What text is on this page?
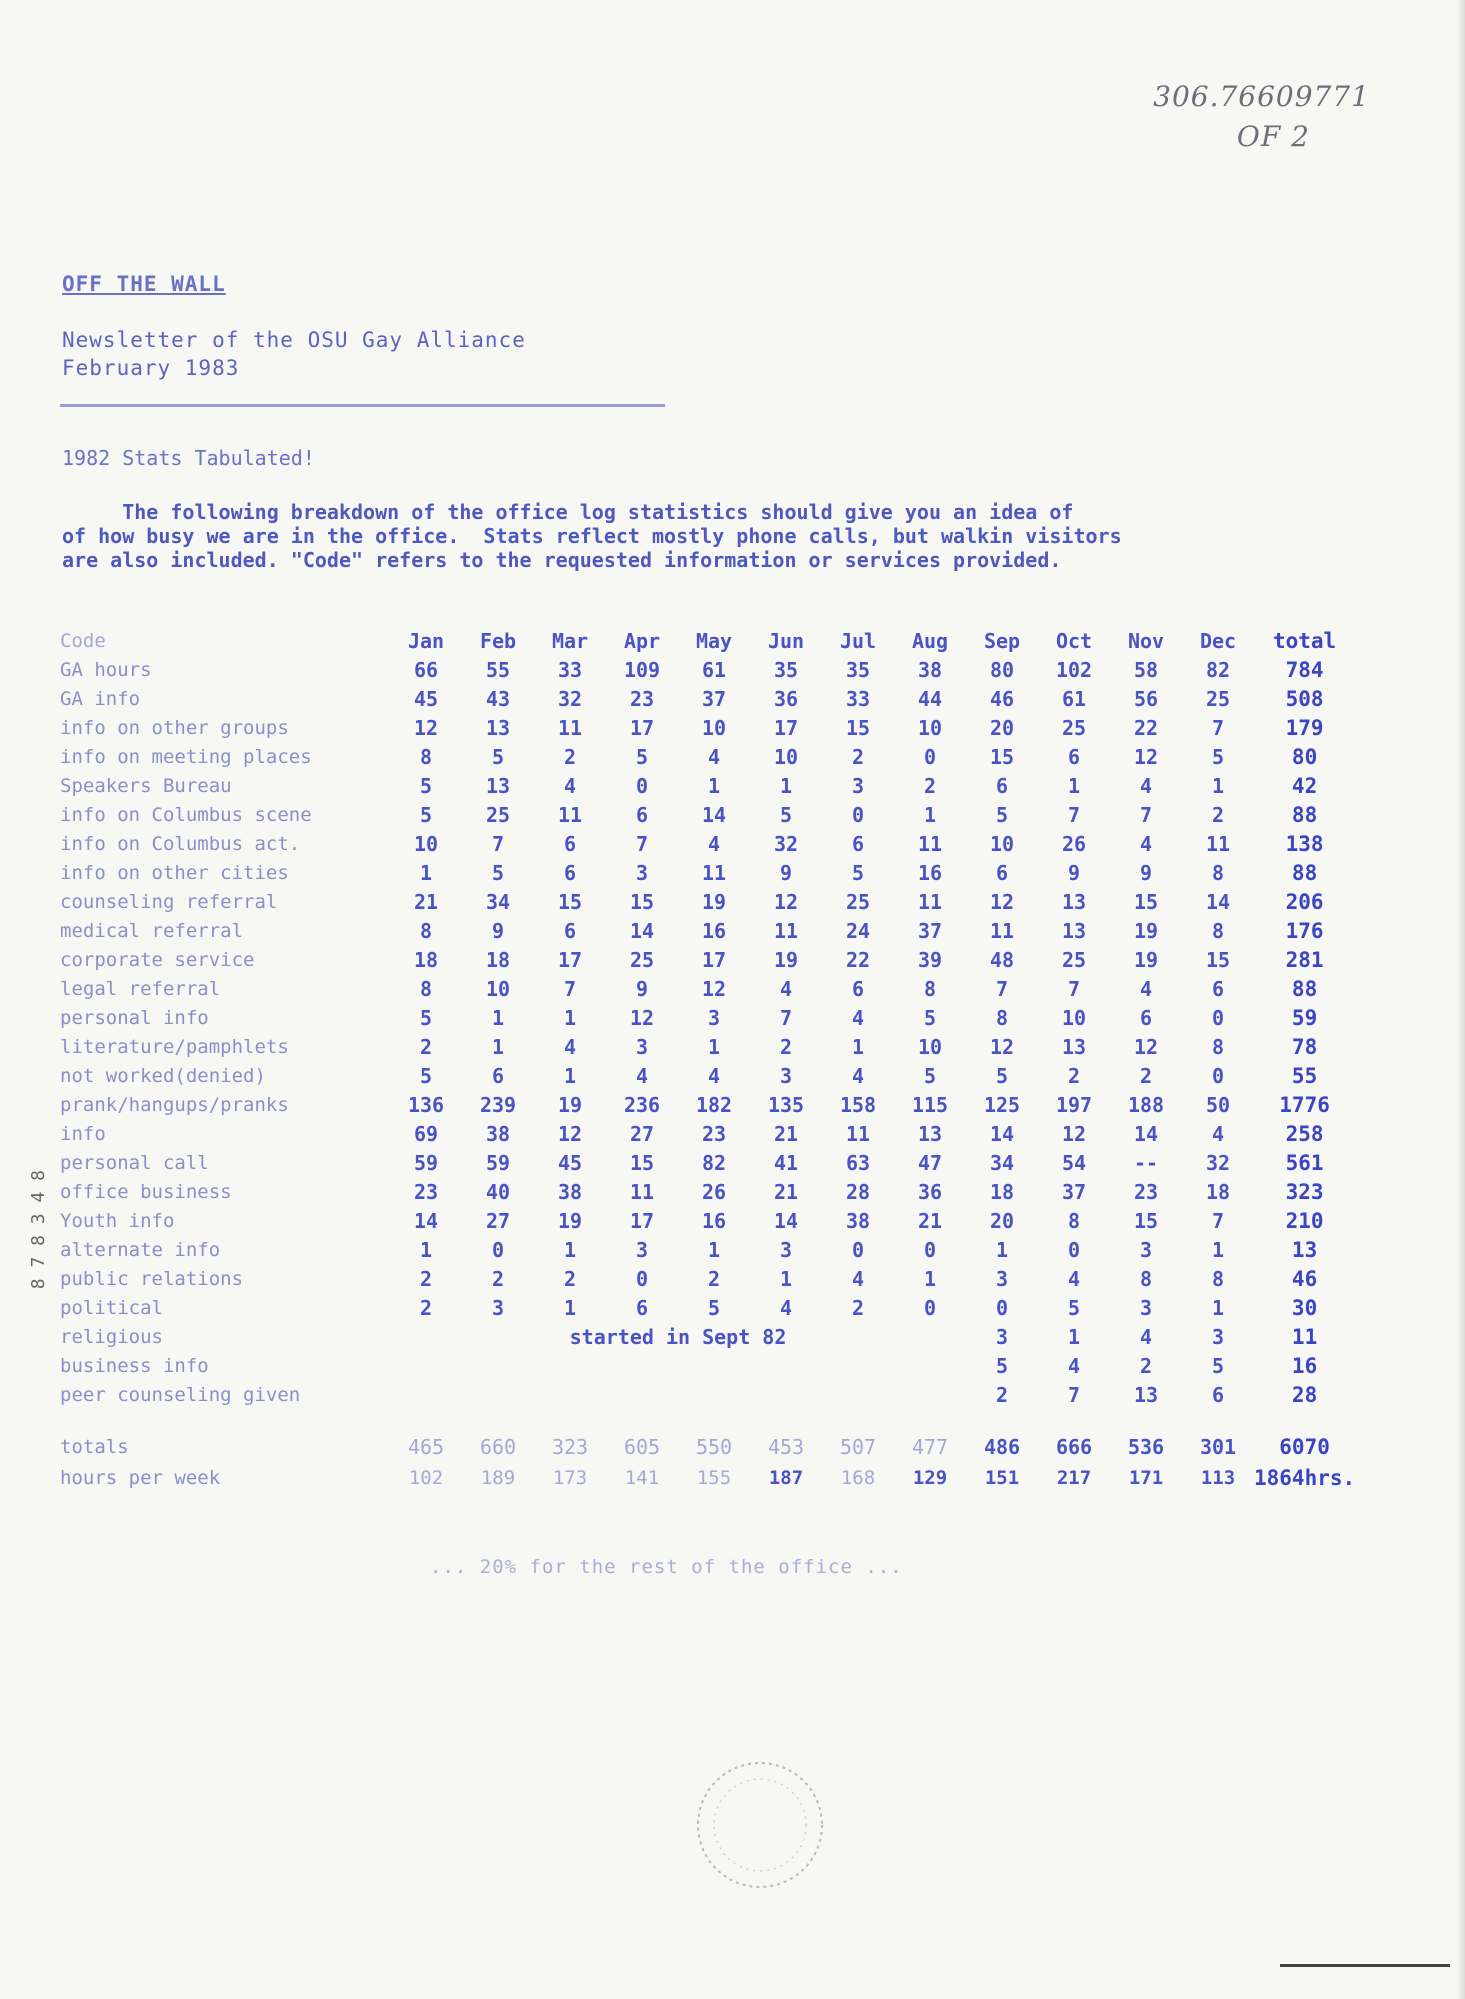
306.76609771
OF 2
OFF THE WALL
Newsletter of the OSU Gay Alliance
February 1983
1982 Stats Tabulated!

The following breakdown of the office log statistics should give you an idea of

of how busy we are in the office.  Stats reflect mostly phone calls, but walkin visitors

are also included. "Code" refers to the requested information or services provided.

Code	Jan	Feb	Mar	Apr	May	Jun	Jul	Aug	Sep	Oct	Nov	Dec	total
GA hours	66	55	33	109	61	35	35	38	80	102	58	82	784
GA info	45	43	32	23	37	36	33	44	46	61	56	25	508
info on other groups	12	13	11	17	10	17	15	10	20	25	22	7	179
info on meeting places	8	5	2	5	4	10	2	0	15	6	12	5	80
Speakers Bureau	5	13	4	0	1	1	3	2	6	1	4	1	42
info on Columbus scene	5	25	11	6	14	5	0	1	5	7	7	2	88
info on Columbus act.	10	7	6	7	4	32	6	11	10	26	4	11	138
info on other cities	1	5	6	3	11	9	5	16	6	9	9	8	88
counseling referral	21	34	15	15	19	12	25	11	12	13	15	14	206
medical referral	8	9	6	14	16	11	24	37	11	13	19	8	176
corporate service	18	18	17	25	17	19	22	39	48	25	19	15	281
legal referral	8	10	7	9	12	4	6	8	7	7	4	6	88
personal info	5	1	1	12	3	7	4	5	8	10	6	0	59
literature/pamphlets	2	1	4	3	1	2	1	10	12	13	12	8	78
not worked(denied)	5	6	1	4	4	3	4	5	5	2	2	0	55
prank/hangups/pranks	136	239	19	236	182	135	158	115	125	197	188	50	1776
info	69	38	12	27	23	21	11	13	14	12	14	4	258
personal call	59	59	45	15	82	41	63	47	34	54	--	32	561
office business	23	40	38	11	26	21	28	36	18	37	23	18	323
Youth info	14	27	19	17	16	14	38	21	20	8	15	7	210
alternate info	1	0	1	3	1	3	0	0	1	0	3	1	13
public relations	2	2	2	0	2	1	4	1	3	4	8	8	46
political	2	3	1	6	5	4	2	0	0	5	3	1	30
religious	started in Sept 82								3	1	4	3	11
business info									5	4	2	5	16
peer counseling given									2	7	13	6	28

totals	465	660	323	605	550	453	507	477	486	666	536	301	6070
hours per week	102	189	173	141	155	187	168	129	151	217	171	113	1864hrs.
... 20% for the rest of the office ...
8 7 8 3 4 8
